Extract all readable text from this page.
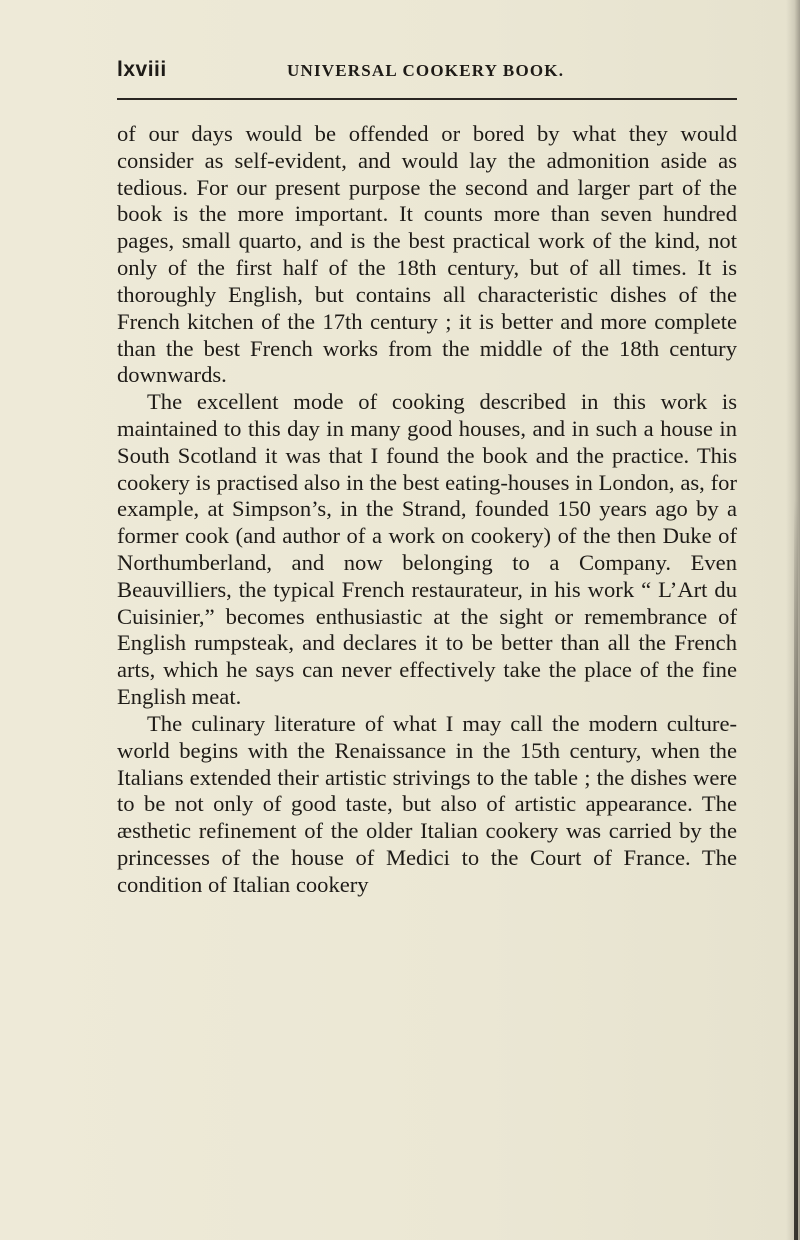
lxviii	UNIVERSAL COOKERY BOOK.

of our days would be offended or bored by what they would consider as self-evident, and would lay the admonition aside as tedious. For our present purpose the second and larger part of the book is the more important. It counts more than seven hundred pages, small quarto, and is the best practical work of the kind, not only of the first half of the 18th century, but of all times. It is thoroughly English, but contains all characteristic dishes of the French kitchen of the 17th century ; it is better and more complete than the best French works from the middle of the 18th century downwards.

The excellent mode of cooking described in this work is maintained to this day in many good houses, and in such a house in South Scotland it was that I found the book and the practice. This cookery is practised also in the best eating-houses in London, as, for example, at Simpson’s, in the Strand, founded 150 years ago by a former cook (and author of a work on cookery) of the then Duke of Northumberland, and now belonging to a Company. Even Beauvilliers, the typical French restaurateur, in his work “ L’Art du Cuisinier,” becomes enthusiastic at the sight or remembrance of English rumpsteak, and declares it to be better than all the French arts, which he says can never effectively take the place of the fine English meat.

The culinary literature of what I may call the modern culture-world begins with the Renaissance in the 15th century, when the Italians extended their artistic strivings to the table ; the dishes were to be not only of good taste, but also of artistic appearance. The æsthetic refinement of the older Italian cookery was carried by the princesses of the house of Medici to the Court of France. The condition of Italian cookery
